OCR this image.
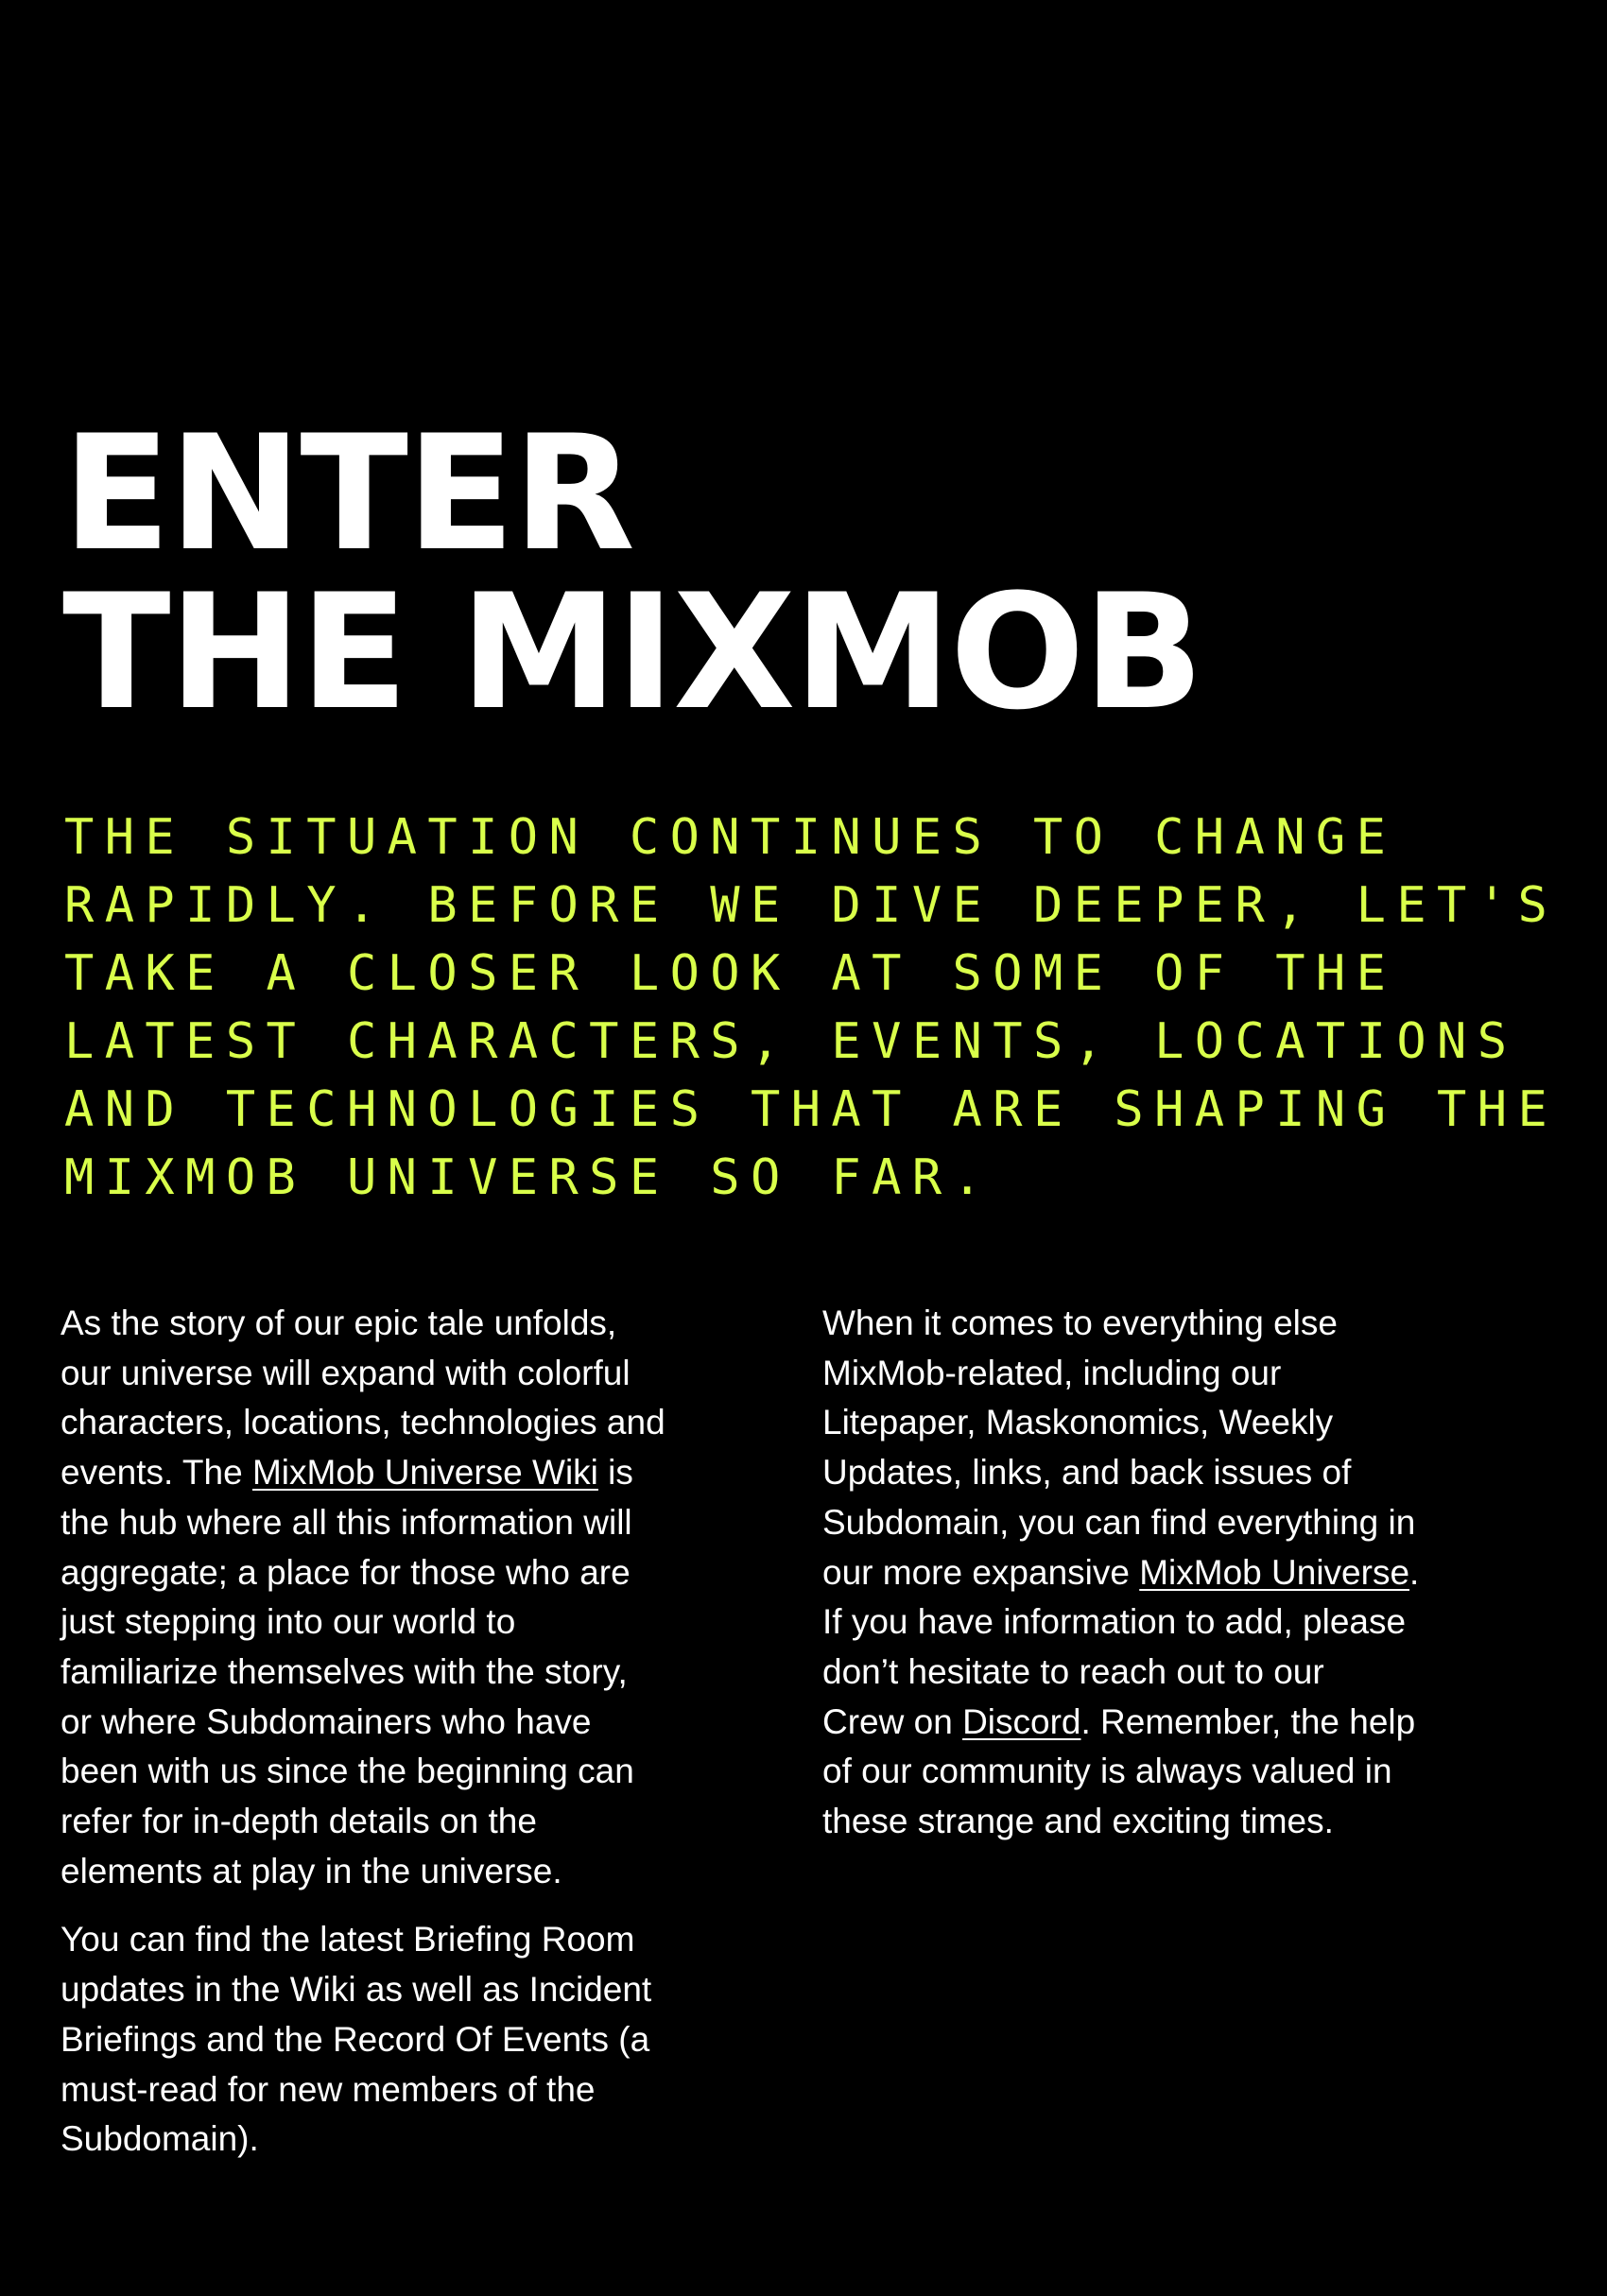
ENTER
THE MIXMOB
THE SITUATION CONTINUES TO CHANGE
RAPIDLY. BEFORE WE DIVE DEEPER, LET'S
TAKE A CLOSER LOOK AT SOME OF THE
LATEST CHARACTERS, EVENTS, LOCATIONS
AND TECHNOLOGIES THAT ARE SHAPING THE
MIXMOB UNIVERSE SO FAR.

As the story of our epic tale unfolds,
our universe will expand with colorful
characters, locations, technologies and
events. The MixMob Universe Wiki is
the hub where all this information will
aggregate; a place for those who are
just stepping into our world to
familiarize themselves with the story,
or where Subdomainers who have
been with us since the beginning can
refer for in-depth details on the
elements at play in the universe.

You can find the latest Briefing Room
updates in the Wiki as well as Incident
Briefings and the Record Of Events (a
must-read for new members of the
Subdomain).

When it comes to everything else
MixMob-related, including our
Litepaper, Maskonomics, Weekly
Updates, links, and back issues of
Subdomain, you can find everything in
our more expansive MixMob Universe.
If you have information to add, please
don’t hesitate to reach out to our
Crew on Discord. Remember, the help
of our community is always valued in
these strange and exciting times.
